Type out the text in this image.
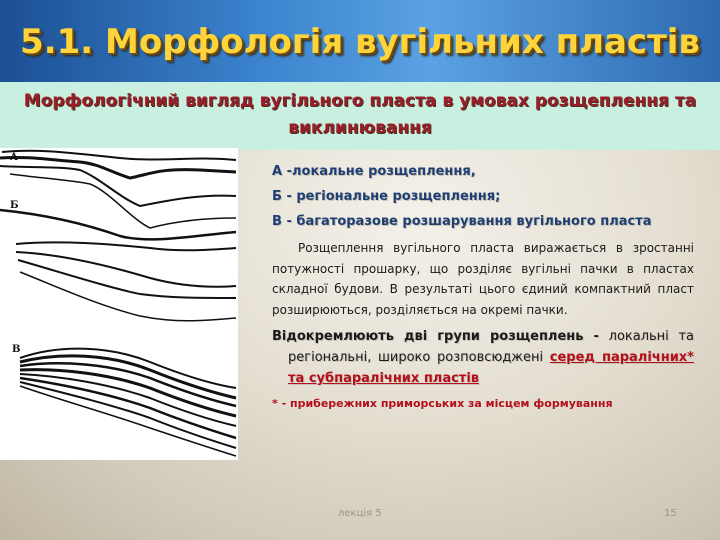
5.1. Морфологія вугільних пластів
Морфологічний вигляд вугільного пласта в умовах розщеплення та виклинювання
A
Б
В
А -локальне розщеплення,
Б - регіональне розщеплення;
В - багаторазове розшарування вугільного пласта
Розщеплення вугільного пласта виражається в зростанні потужності прошарку, що розділяє вугільні пачки в пластах складної будови. В результаті цього єдиний компактний пласт розширюються, розділяється на окремі пачки.
Відокремлюють дві групи розщеплень - локальні та регіональні, широко розповсюджені серед паралічних* та субпаралічних пластів
* - прибережних приморських за місцем формування
лекція 5	15
